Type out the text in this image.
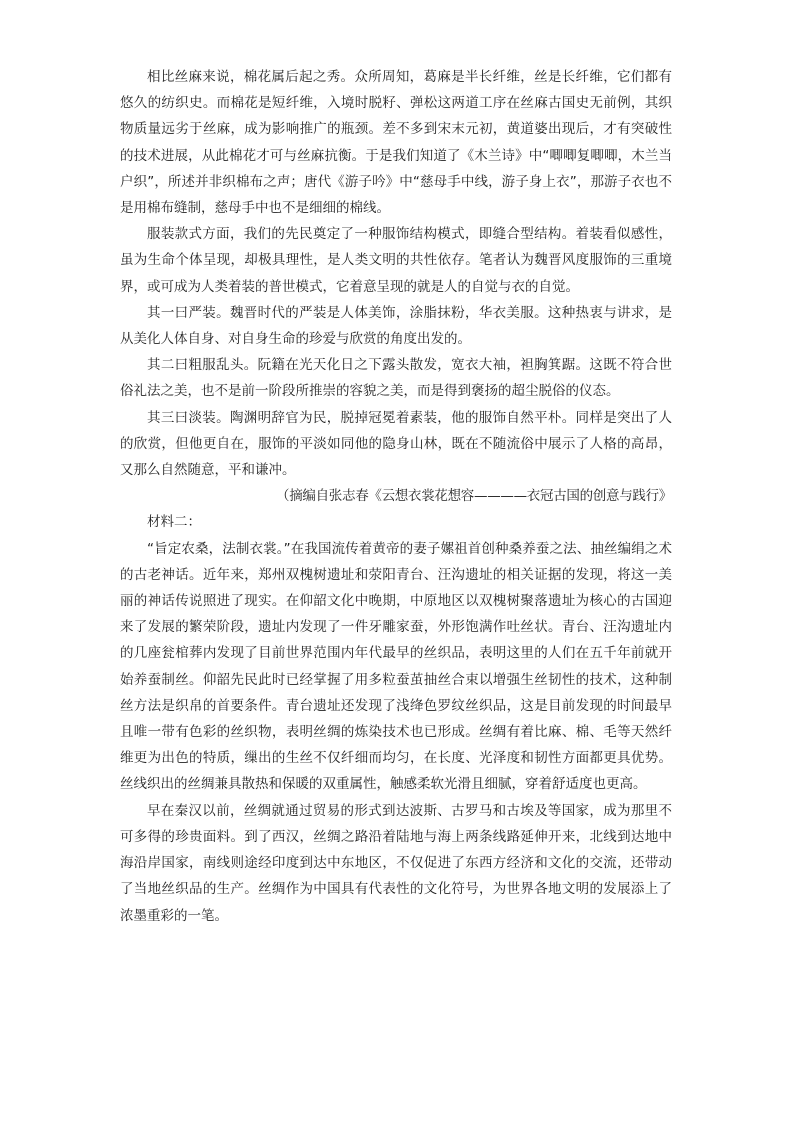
相比丝麻来说，棉花属后起之秀。众所周知，葛麻是半长纤维，丝是长纤维，它们都有悠久的纺织史。而棉花是短纤维，入境时脱籽、弹松这两道工序在丝麻古国史无前例，其织物质量远劣于丝麻，成为影响推广的瓶颈。差不多到宋末元初，黄道婆出现后，才有突破性的技术进展，从此棉花才可与丝麻抗衡。于是我们知道了《木兰诗》中“唧唧复唧唧，木兰当户织”，所述并非织棉布之声；唐代《游子吟》中“慈母手中线，游子身上衣”，那游子衣也不是用棉布缝制，慈母手中也不是细细的棉线。

服装款式方面，我们的先民奠定了一种服饰结构模式，即缝合型结构。着装看似感性，虽为生命个体呈现，却极具理性，是人类文明的共性依存。笔者认为魏晋风度服饰的三重境界，或可成为人类着装的普世模式，它着意呈现的就是人的自觉与衣的自觉。

其一曰严装。魏晋时代的严装是人体美饰，涂脂抹粉，华衣美服。这种热衷与讲求，是从美化人体自身、对自身生命的珍爱与欣赏的角度出发的。

其二曰粗服乱头。阮籍在光天化日之下露头散发，宽衣大袖，袒胸箕踞。这既不符合世俗礼法之美，也不是前一阶段所推崇的容貌之美，而是得到褒扬的超尘脱俗的仪态。

其三曰淡装。陶渊明辞官为民，脱掉冠冕着素装，他的服饰自然平朴。同样是突出了人的欣赏，但他更自在，服饰的平淡如同他的隐身山林，既在不随流俗中展示了人格的高昂，又那么自然随意，平和谦冲。

（摘编自张志春《云想衣裳花想容————衣冠古国的创意与践行》

材料二：

“旨定农桑，法制衣裳。”在我国流传着黄帝的妻子嫘祖首创种桑养蚕之法、抽丝编绢之术的古老神话。近年来，郑州双槐树遗址和荥阳青台、汪沟遗址的相关证据的发现，将这一美丽的神话传说照进了现实。在仰韶文化中晚期，中原地区以双槐树聚落遗址为核心的古国迎来了发展的繁荣阶段，遗址内发现了一件牙雕家蚕，外形饱满作吐丝状。青台、汪沟遗址内的几座瓮棺葬内发现了目前世界范围内年代最早的丝织品，表明这里的人们在五千年前就开始养蚕制丝。仰韶先民此时已经掌握了用多粒蚕茧抽丝合束以增强生丝韧性的技术，这种制丝方法是织帛的首要条件。青台遗址还发现了浅绛色罗纹丝织品，这是目前发现的时间最早且唯一带有色彩的丝织物，表明丝绸的炼染技术也已形成。丝绸有着比麻、棉、毛等天然纤维更为出色的特质，缫出的生丝不仅纤细而均匀，在长度、光泽度和韧性方面都更具优势。丝线织出的丝绸兼具散热和保暖的双重属性，触感柔软光滑且细腻，穿着舒适度也更高。

早在秦汉以前，丝绸就通过贸易的形式到达波斯、古罗马和古埃及等国家，成为那里不可多得的珍贵面料。到了西汉，丝绸之路沿着陆地与海上两条线路延伸开来，北线到达地中海沿岸国家，南线则途经印度到达中东地区，不仅促进了东西方经济和文化的交流，还带动了当地丝织品的生产。丝绸作为中国具有代表性的文化符号，为世界各地文明的发展添上了浓墨重彩的一笔。
